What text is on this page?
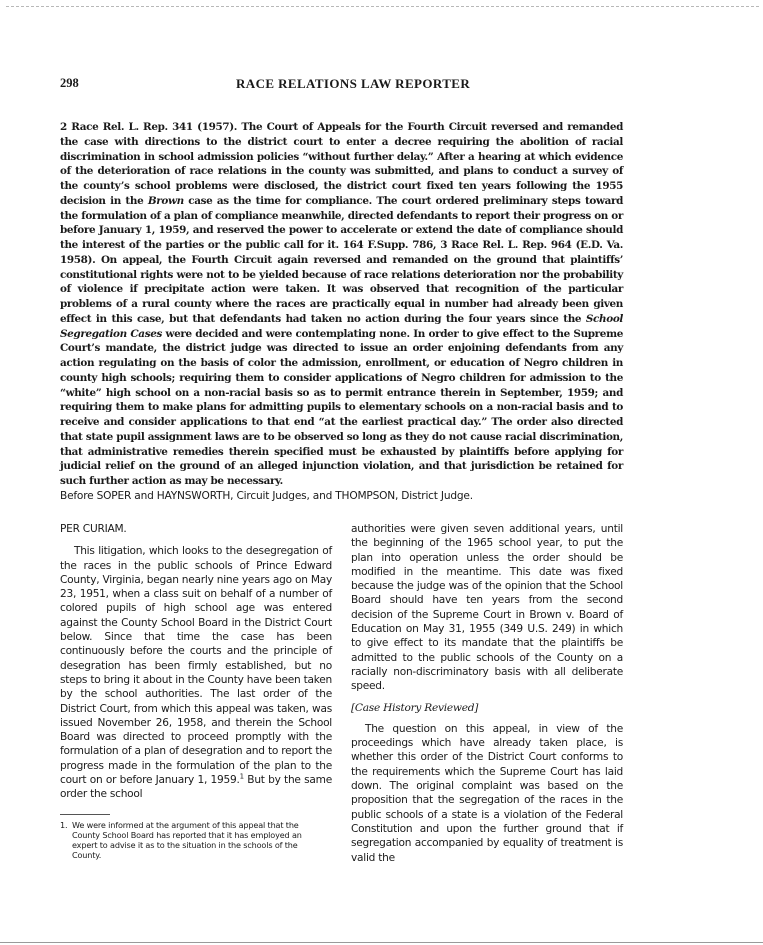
298	RACE RELATIONS LAW REPORTER

2 Race Rel. L. Rep. 341 (1957). The Court of Appeals for the Fourth Circuit reversed and remanded the case with directions to the district court to enter a decree requiring the abolition of racial discrimination in school admission policies “without further delay.” After a hearing at which evidence of the deterioration of race relations in the county was submitted, and plans to conduct a survey of the county’s school problems were disclosed, the district court fixed ten years following the 1955 decision in the Brown case as the time for compliance. The court ordered preliminary steps toward the formulation of a plan of compliance meanwhile, directed defendants to report their progress on or before January 1, 1959, and reserved the power to accelerate or extend the date of compliance should the interest of the parties or the public call for it. 164 F.Supp. 786, 3 Race Rel. L. Rep. 964 (E.D. Va. 1958). On appeal, the Fourth Circuit again reversed and remanded on the ground that plaintiffs’ constitutional rights were not to be yielded because of race relations deterioration nor the probability of violence if precipitate action were taken. It was observed that recognition of the particular problems of a rural county where the races are practically equal in number had already been given effect in this case, but that defendants had taken no action during the four years since the School Segregation Cases were decided and were contemplating none. In order to give effect to the Supreme Court’s mandate, the district judge was directed to issue an order enjoining defendants from any action regulating on the basis of color the admission, enrollment, or education of Negro children in county high schools; requiring them to consider applications of Negro children for admission to the “white” high school on a non-racial basis so as to permit entrance therein in September, 1959; and requiring them to make plans for admitting pupils to elementary schools on a non-racial basis and to receive and consider applications to that end “at the earliest practical day.” The order also directed that state pupil assignment laws are to be observed so long as they do not cause racial discrimination, that administrative remedies therein specified must be exhausted by plaintiffs before applying for judicial relief on the ground of an alleged injunction violation, and that jurisdiction be retained for such further action as may be necessary.

Before SOPER and HAYNSWORTH, Circuit Judges, and THOMPSON, District Judge.

PER CURIAM.

This litigation, which looks to the desegregation of the races in the public schools of Prince Edward County, Virginia, began nearly nine years ago on May 23, 1951, when a class suit on behalf of a number of colored pupils of high school age was entered against the County School Board in the District Court below. Since that time the case has been continuously before the courts and the principle of desegration has been firmly established, but no steps to bring it about in the County have been taken by the school authorities. The last order of the District Court, from which this appeal was taken, was issued November 26, 1958, and therein the School Board was directed to proceed promptly with the formulation of a plan of desegration and to report the progress made in the formulation of the plan to the court on or before January 1, 1959.$^1$ But by the same order the school

authorities were given seven additional years, until the beginning of the 1965 school year, to put the plan into operation unless the order should be modified in the meantime. This date was fixed because the judge was of the opinion that the School Board should have ten years from the second decision of the Supreme Court in Brown v. Board of Education on May 31, 1955 (349 U.S. 249) in which to give effect to its mandate that the plaintiffs be admitted to the public schools of the County on a racially non-discriminatory basis with all deliberate speed.

[Case History Reviewed]

The question on this appeal, in view of the proceedings which have already taken place, is whether this order of the District Court conforms to the requirements which the Supreme Court has laid down. The original complaint was based on the proposition that the segregation of the races in the public schools of a state is a violation of the Federal Constitution and upon the further ground that if segregation accompanied by equality of treatment is valid the

1. We were informed at the argument of this appeal that the County School Board has reported that it has employed an expert to advise it as to the situation in the schools of the County.
